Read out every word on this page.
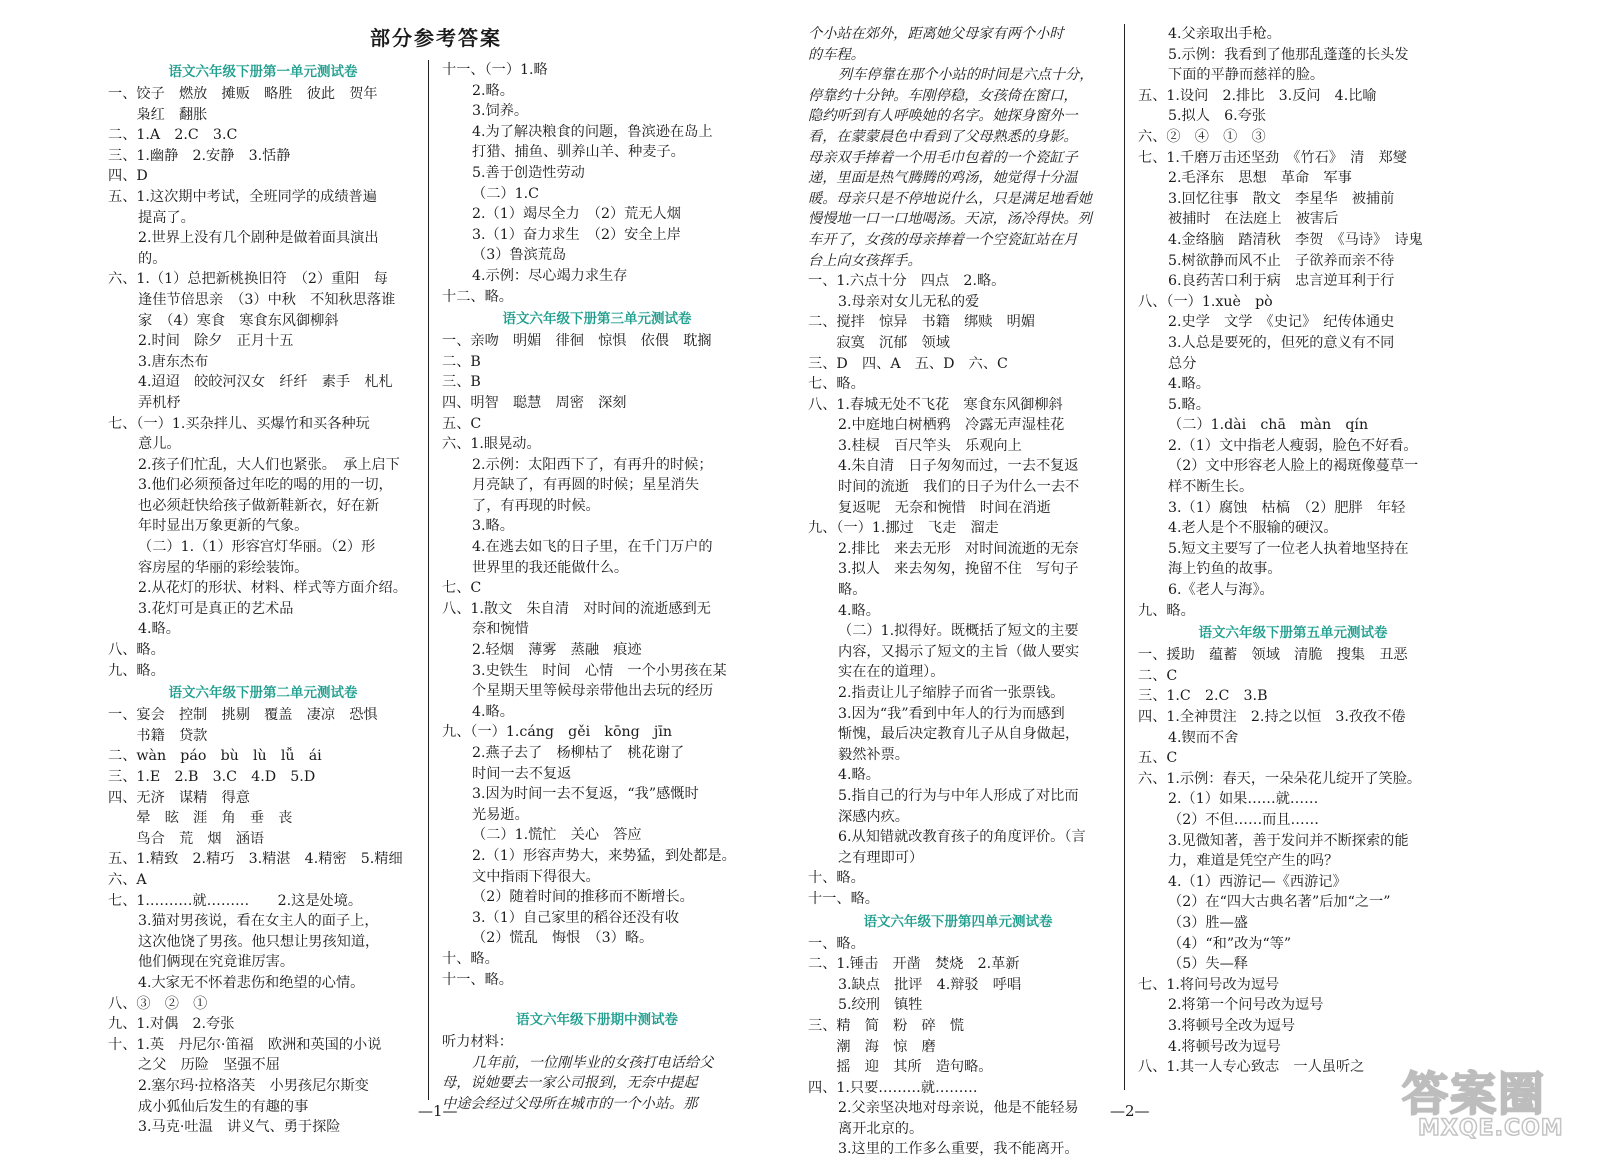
部分参考答案
语文六年级下册第一单元测试卷
一、饺子　燃放　摊贩　略胜　彼此　贺年
　　枭红　翻胀
二、1.A　2.C　3.C
三、1.幽静　2.安静　3.恬静
四、D
五、1.这次期中考试，全班同学的成绩普遍
提高了。
2.世界上没有几个剧种是做着面具演出
的。
六、1.（1）总把新桃换旧符　（2）重阳　每
逢佳节倍思亲　（3）中秋　不知秋思落谁
家　（4）寒食　寒食东风御柳斜
2.时间　除夕　正月十五
3.唐东杰布
4.迢迢　皎皎河汉女　纤纤　素手　札札
弄机杼
七、（一）1.买杂拌儿、买爆竹和买各种玩
意儿。
2.孩子们忙乱，大人们也紧张。　承上启下
3.他们必须预备过年吃的喝的用的一切，
也必须赶快给孩子做新鞋新衣，好在新
年时显出万象更新的气象。
（二）1.（1）形容宫灯华丽。（2）形
容房屋的华丽的彩绘装饰。
2.从花灯的形状、材料、样式等方面介绍。
3.花灯可是真正的艺术品
4.略。
八、略。
九、略。
语文六年级下册第二单元测试卷
一、宴会　控制　挑剔　覆盖　凄凉　恐惧
　　书籍　贷款
二、wàn　páo　bù　lù　lǚ　ái
三、1.E　2.B　3.C　4.D　5.D
四、无济　谋精　得意
　　晕　眩　涯　角　垂　丧
　　鸟合　荒　烟　涵语
五、1.精致　2.精巧　3.精湛　4.精密　5.精细
六、A
七、1.………就………　　2.这是处境。
3.猫对男孩说，看在女主人的面子上，
这次他饶了男孩。他只想让男孩知道，
他们俩现在究竟谁厉害。
4.大家无不怀着悲伤和绝望的心情。
八、③　②　①
九、1.对偶　2.夸张
十、1.英　丹尼尔·笛福　欧洲和英国的小说
之父　历险　坚强不屈
2.塞尔玛·拉格洛芙　小男孩尼尔斯变
成小狐仙后发生的有趣的事
3.马克·吐温　讲义气、勇于探险
十一、（一）1.略
2.略。
3.饲养。
4.为了解决粮食的问题，鲁滨逊在岛上
打猎、捕鱼、驯养山羊、种麦子。
5.善于创造性劳动
（二）1.C
2.（1）竭尽全力　（2）荒无人烟
3.（1）奋力求生　（2）安全上岸
（3）鲁滨荒岛
4.示例：尽心竭力求生存
十二、略。
语文六年级下册第三单元测试卷
一、亲吻　明媚　徘徊　惊惧　依偎　耽搁
二、B
三、B
四、明智　聪慧　周密　深刻
五、C
六、1.眼晃动。
2.示例：太阳西下了，有再升的时候；
月亮缺了，有再圆的时候；星星消失
了，有再现的时候。
3.略。
4.在逃去如飞的日子里，在千门万户的
世界里的我还能做什么。
七、C
八、1.散文　朱自清　对时间的流逝感到无
奈和惋惜
2.轻烟　薄雾　蒸融　痕迹
3.史铁生　时间　心情　一个小男孩在某
个星期天里等候母亲带他出去玩的经历
4.略。
九、（一）1.cáng　gěi　kōng　jīn
2.燕子去了　杨柳枯了　桃花谢了
时间一去不复返
3.因为时间一去不复返，“我”感慨时
光易逝。
（二）1.慌忙　关心　答应
2.（1）形容声势大，来势猛，到处都是。
文中指雨下得很大。
（2）随着时间的推移而不断增长。
3.（1）自己家里的稻谷还没有收
（2）慌乱　悔恨　（3）略。
十、略。
十一、略。
语文六年级下册期中测试卷
听力材料：
几年前，一位刚毕业的女孩打电话给父
母，说她要去一家公司报到，无奈中提起
中途会经过父母所在城市的一个小站。那
个小站在郊外，距离她父母家有两个小时
的车程。
列车停靠在那个小站的时间是六点十分，
停靠约十分钟。车刚停稳，女孩倚在窗口，
隐约听到有人呼唤她的名字。她探身窗外一
看，在蒙蒙晨色中看到了父母熟悉的身影。
母亲双手捧着一个用毛巾包着的一个瓷缸子
递，里面是热气腾腾的鸡汤，她觉得十分温
暖。母亲只是不停地说什么，只是满足地看她
慢慢地一口一口地喝汤。天凉，汤冷得快。列
车开了，女孩的母亲捧着一个空瓷缸站在月
台上向女孩挥手。
一、1.六点十分　四点　2.略。
3.母亲对女儿无私的爱
二、搅拌　惊异　书籍　绑赎　明媚
　　寂寞　沉郁　领域
三、D　四、A　五、D　六、C
七、略。
八、1.春城无处不飞花　寒食东风御柳斜
2.中庭地白树栖鸦　冷露无声湿桂花
3.桂棂　百尺竿头　乐观向上
4.朱自清　日子匆匆而过，一去不复返
时间的流逝　我们的日子为什么一去不
复返呢　无奈和惋惜　时间在消逝
九、（一）1.挪过　飞走　溜走
2.排比　来去无形　对时间流逝的无奈
3.拟人　来去匆匆，挽留不住　写句子
略。
4.略。
（二）1.拟得好。既概括了短文的主要
内容，又揭示了短文的主旨（做人要实
实在在的道理）。
2.指责让儿子缩脖子而省一张票钱。
3.因为“我”看到中年人的行为而感到
惭愧，最后决定教育儿子从自身做起，
毅然补票。
4.略。
5.指自己的行为与中年人形成了对比而
深感内疚。
6.从知错就改教育孩子的角度评价。（言
之有理即可）
十、略。
十一、略。
语文六年级下册第四单元测试卷
一、略。
二、1.锤击　开凿　焚烧　2.革新
3.缺点　批评　4.辩驳　呼唱
5.绞刑　镇牲
三、精　简　粉　碎　慌
　　潮　海　惊　磨
　　摇　迎　其所　造句略。
四、1.只要………就………
2.父亲坚决地对母亲说，他是不能轻易
离开北京的。
3.这里的工作多么重要，我不能离开。
4.父亲取出手枪。
5.示例：我看到了他那乱蓬蓬的长头发
下面的平静而慈祥的脸。
五、1.设问　2.排比　3.反问　4.比喻
5.拟人　6.夸张
六、②　④　①　③
七、1.千磨万击还坚劲　《竹石》　清　郑燮
2.毛泽东　思想　革命　军事
3.回忆往事　散文　李星华　被捕前
被捕时　在法庭上　被害后
4.金络脑　踏清秋　李贺　《马诗》　诗鬼
5.树欲静而风不止　子欲养而亲不待
6.良药苦口利于病　忠言逆耳利于行
八、（一）1.xuè　pò
2.史学　文学　《史记》　纪传体通史
3.人总是要死的，但死的意义有不同
总分
4.略。
5.略。
（二）1.dài　chā　màn　qín
2.（1）文中指老人瘦弱，脸色不好看。
（2）文中形容老人脸上的褐斑像蔓草一
样不断生长。
3.（1）腐蚀　枯槁　（2）肥胖　年轻
4.老人是个不服输的硬汉。
5.短文主要写了一位老人执着地坚持在
海上钓鱼的故事。
6.《老人与海》。
九、略。
语文六年级下册第五单元测试卷
一、援助　蕴蓄　领域　清脆　搜集　丑恶
二、C
三、1.C　2.C　3.B
四、1.全神贯注　2.持之以恒　3.孜孜不倦
4.锲而不舍
五、C
六、1.示例：春天，一朵朵花儿绽开了笑脸。
2.（1）如果……就……
（2）不但……而且……
3.见微知著，善于发问并不断探索的能
力，难道是凭空产生的吗？
4.（1）西游记—《西游记》
（2）在“四大古典名著”后加“之一”
（3）胜—盛
（4）“和”改为“等”
（5）失—释
七、1.将问号改为逗号
2.将第一个问号改为逗号
3.将顿号全改为逗号
4.将顿号改为逗号
八、1.其一人专心致志　一人虽听之
—1—	—2—	答案圈
MXQE.COM
